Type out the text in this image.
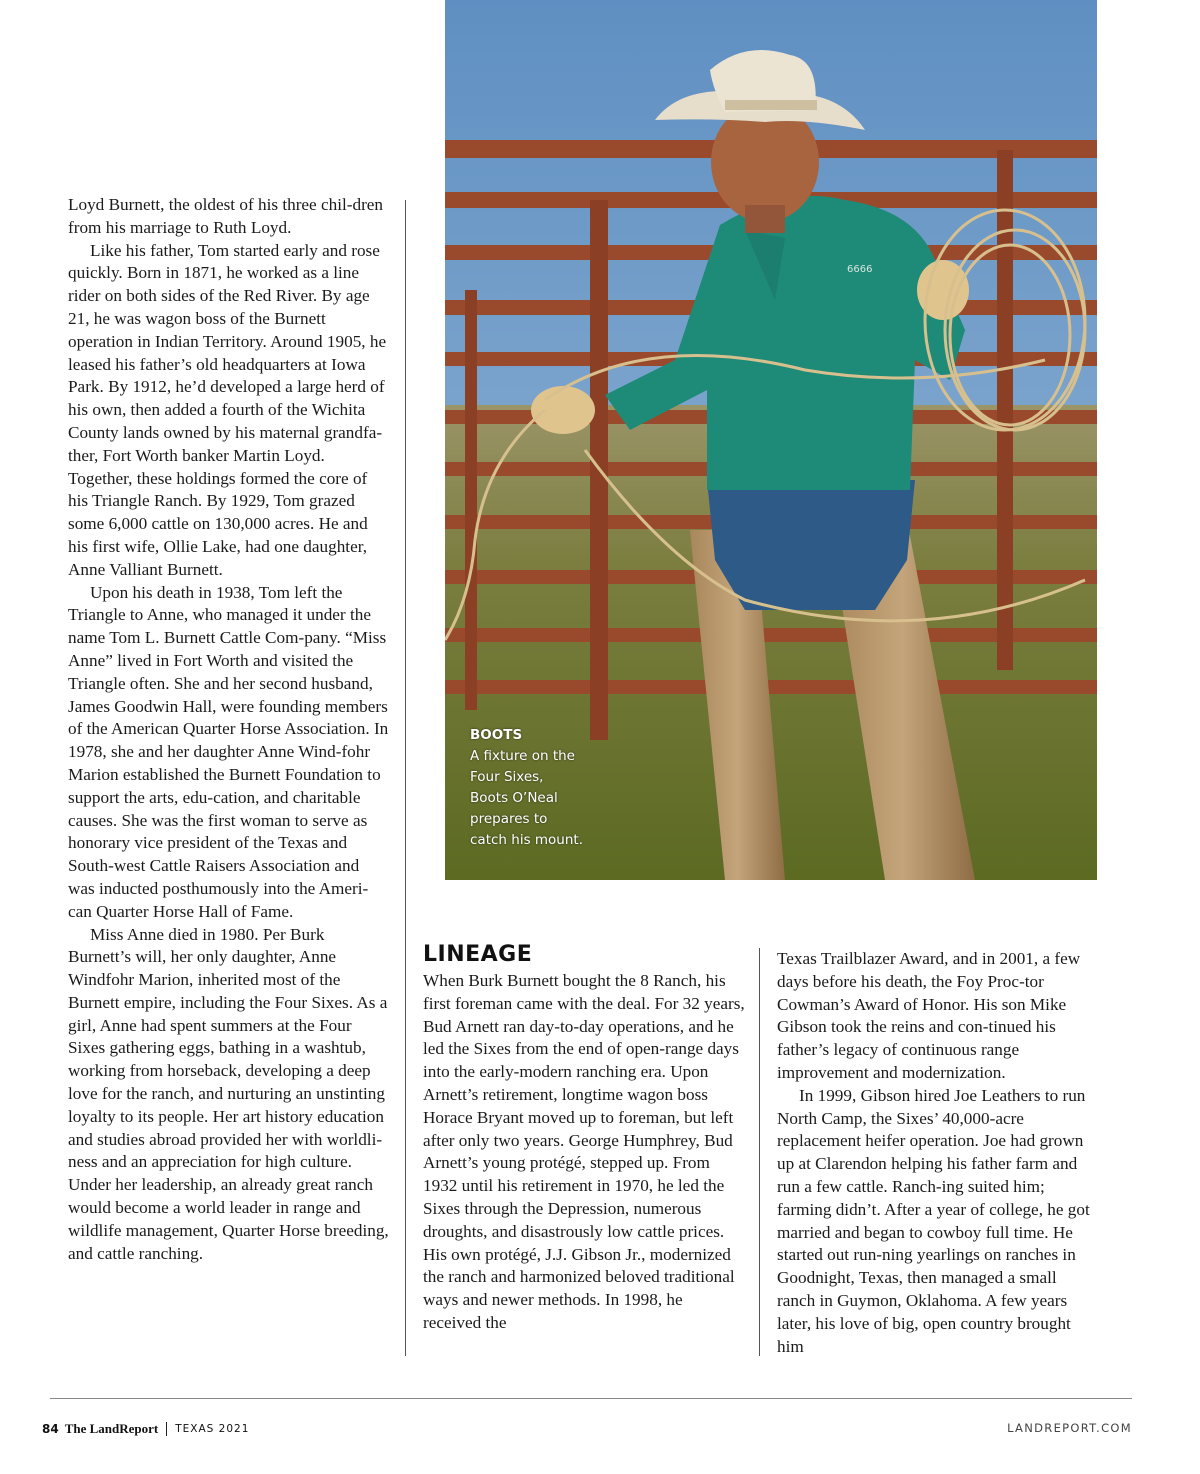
Loyd Burnett, the oldest of his three chil-dren from his marriage to Ruth Loyd.

Like his father, Tom started early and rose quickly. Born in 1871, he worked as a line rider on both sides of the Red River. By age 21, he was wagon boss of the Burnett operation in Indian Territory. Around 1905, he leased his father’s old headquarters at Iowa Park. By 1912, he’d developed a large herd of his own, then added a fourth of the Wichita County lands owned by his maternal grandfa-ther, Fort Worth banker Martin Loyd. Together, these holdings formed the core of his Triangle Ranch. By 1929, Tom grazed some 6,000 cattle on 130,000 acres. He and his first wife, Ollie Lake, had one daughter, Anne Valliant Burnett.

Upon his death in 1938, Tom left the Triangle to Anne, who managed it under the name Tom L. Burnett Cattle Com-pany. “Miss Anne” lived in Fort Worth and visited the Triangle often. She and her second husband, James Goodwin Hall, were founding members of the American Quarter Horse Association. In 1978, she and her daughter Anne Wind-fohr Marion established the Burnett Foundation to support the arts, edu-cation, and charitable causes. She was the first woman to serve as honorary vice president of the Texas and South-west Cattle Raisers Association and was inducted posthumously into the Ameri-can Quarter Horse Hall of Fame.

Miss Anne died in 1980. Per Burk Burnett’s will, her only daughter, Anne Windfohr Marion, inherited most of the Burnett empire, including the Four Sixes. As a girl, Anne had spent summers at the Four Sixes gathering eggs, bathing in a washtub, working from horseback, developing a deep love for the ranch, and nurturing an unstinting loyalty to its people. Her art history education and studies abroad provided her with worldli-ness and an appreciation for high culture. Under her leadership, an already great ranch would become a world leader in range and wildlife management, Quarter Horse breeding, and cattle ranching.

6666
BOOTS
A fixture on the
Four Sixes,
Boots O’Neal
prepares to
catch his mount.
LINEAGE

When Burk Burnett bought the 8 Ranch, his first foreman came with the deal. For 32 years, Bud Arnett ran day-to-day operations, and he led the Sixes from the end of open-range days into the early-modern ranching era. Upon Arnett’s retirement, longtime wagon boss Horace Bryant moved up to foreman, but left after only two years. George Humphrey, Bud Arnett’s young protégé, stepped up. From 1932 until his retirement in 1970, he led the Sixes through the Depression, numerous droughts, and disastrously low cattle prices. His own protégé, J.J. Gibson Jr., modernized the ranch and harmonized beloved traditional ways and newer methods. In 1998, he received the

Texas Trailblazer Award, and in 2001, a few days before his death, the Foy Proc-tor Cowman’s Award of Honor. His son Mike Gibson took the reins and con-tinued his father’s legacy of continuous range improvement and modernization.

In 1999, Gibson hired Joe Leathers to run North Camp, the Sixes’ 40,000-acre replacement heifer operation. Joe had grown up at Clarendon helping his father farm and run a few cattle. Ranch-ing suited him; farming didn’t. After a year of college, he got married and began to cowboy full time. He started out run-ning yearlings on ranches in Goodnight, Texas, then managed a small ranch in Guymon, Oklahoma. A few years later, his love of big, open country brought him

84 The LandReport TEXAS 2021	LANDREPORT.COM
